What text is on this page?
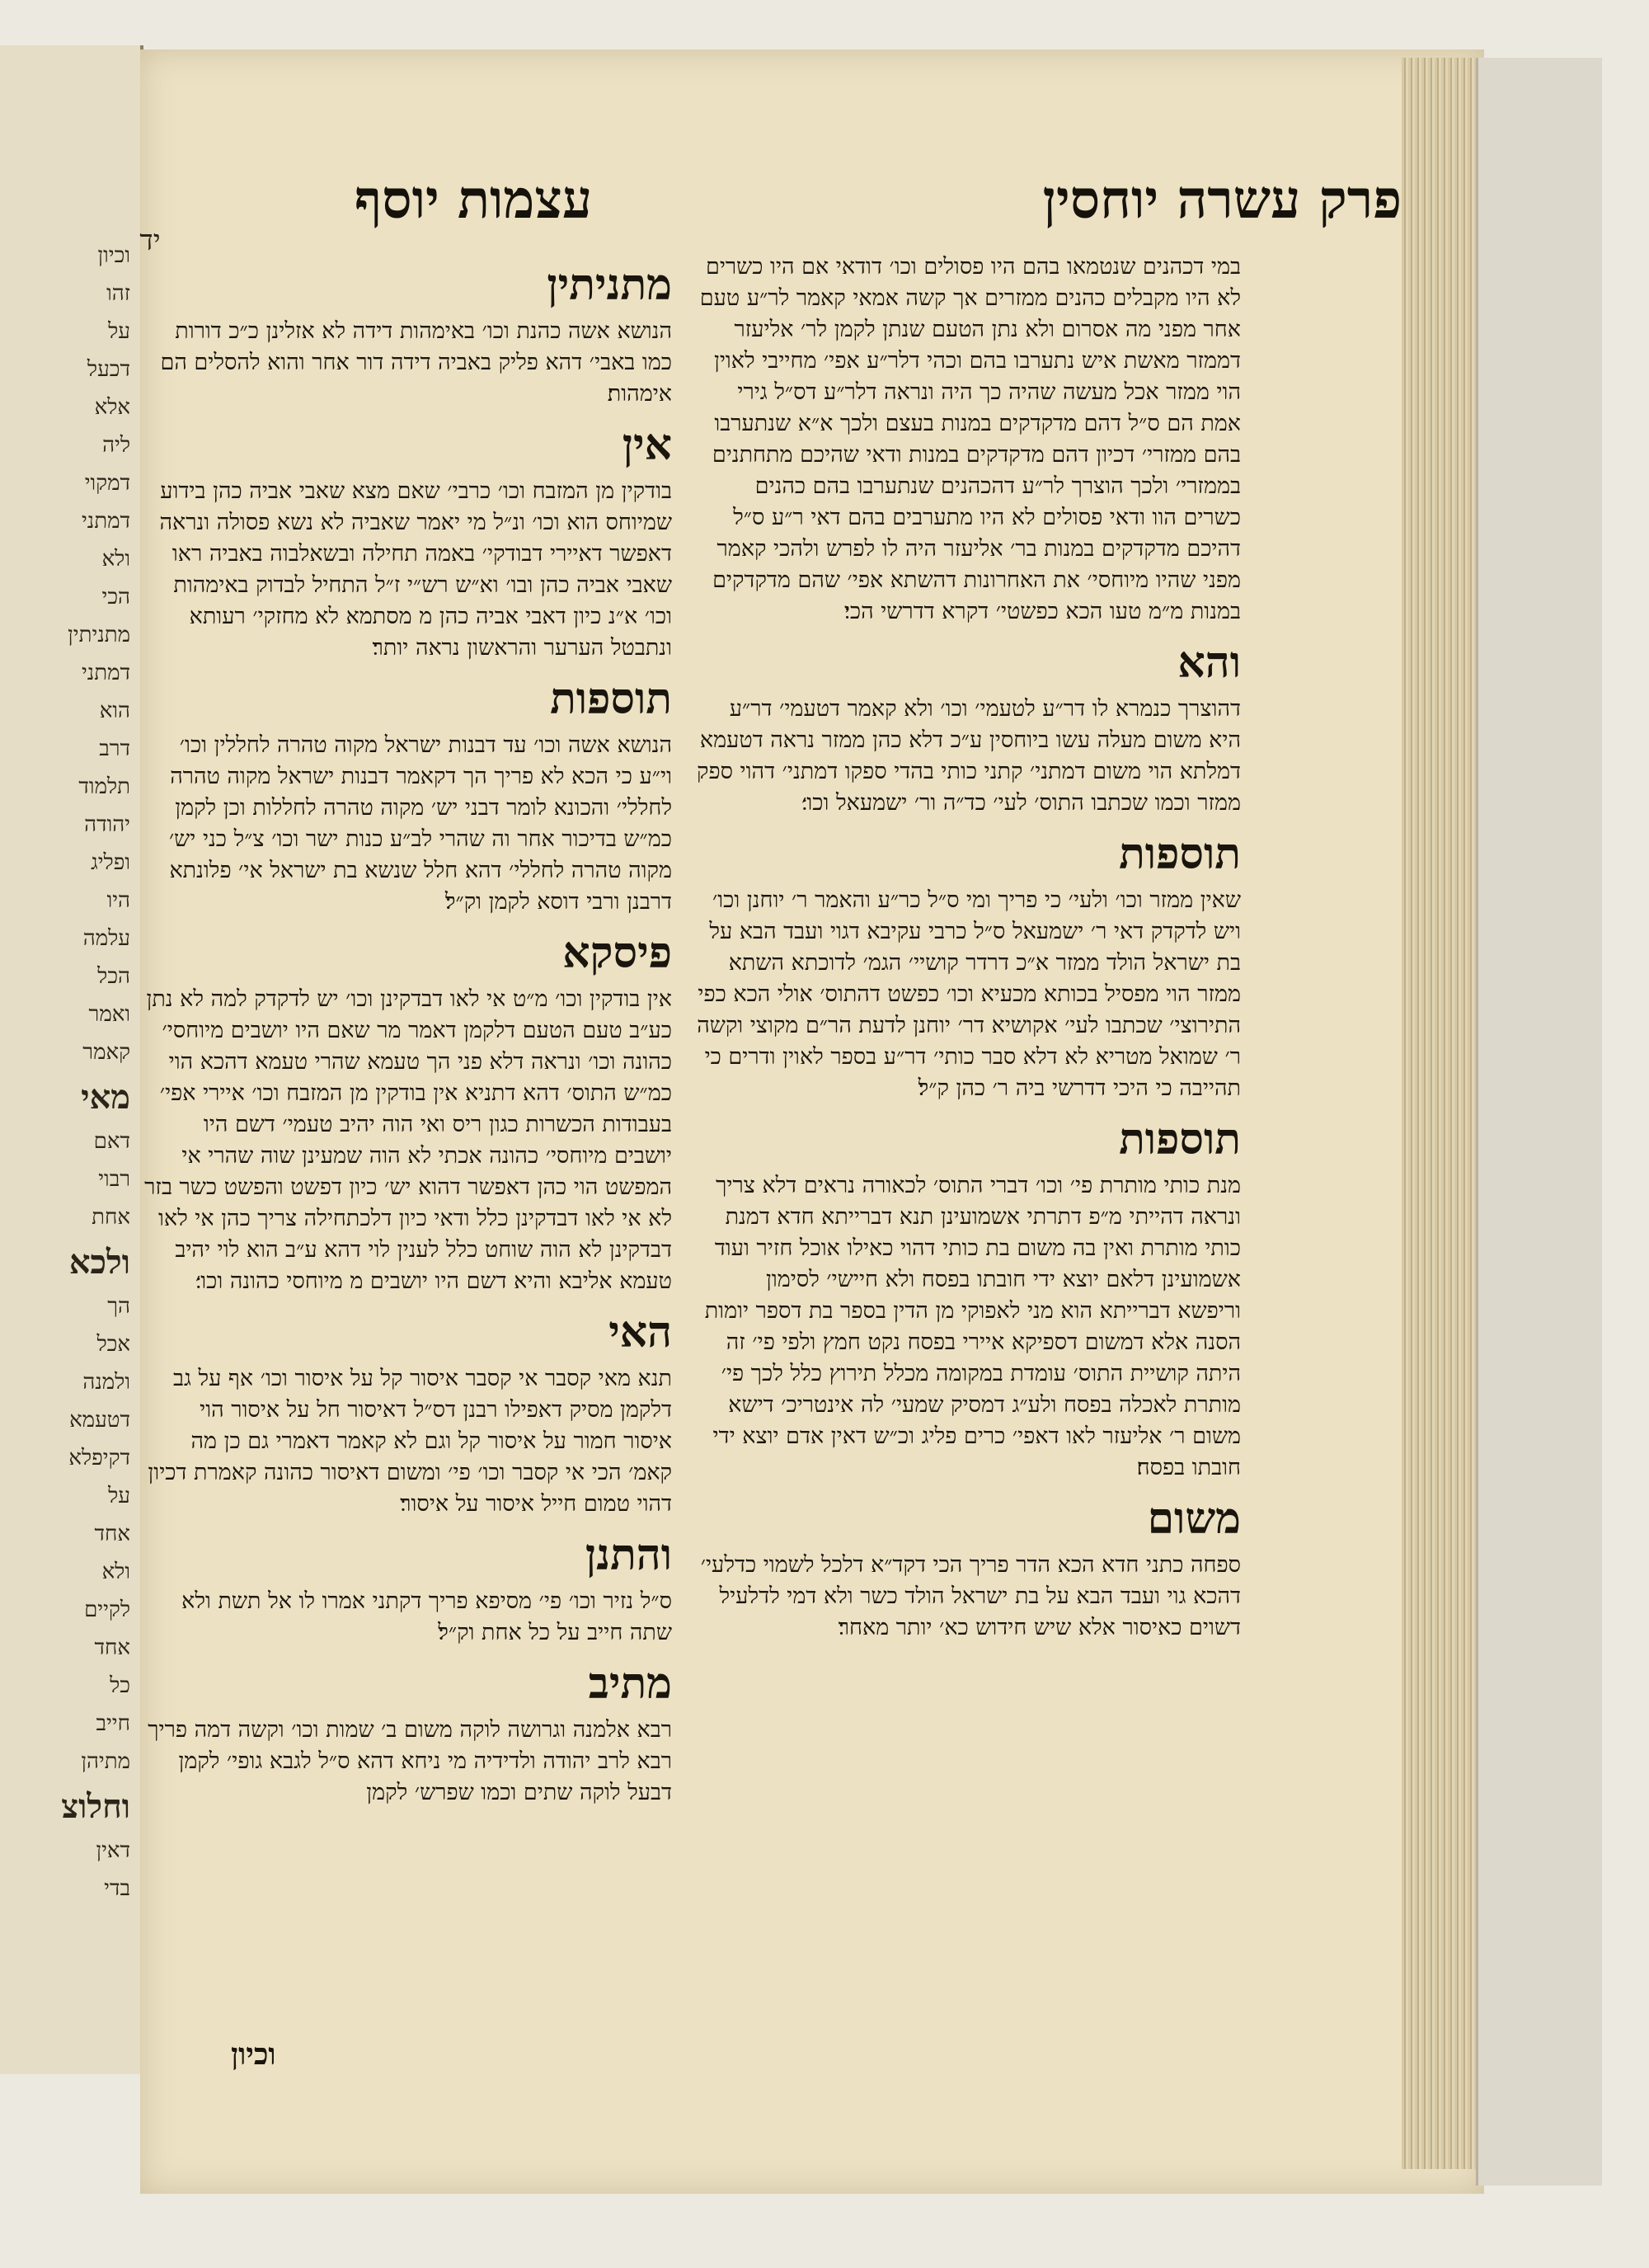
וכיון
זהו
על
דכעל
אלא
ליה
דמקוי
דמתני
ולא
הכי
מתניתין
דמתני
הוא
דרב
תלמוד
יהודה
ופליג
היו
עלמה
הכל
ואמר
קאמר
מאי
דאם
רבוי
אחת
ולכא
הך
אכל
ולמנה
דטעמא
דקיפלא
על
אחד
ולא
לקיים
אחד
כל
חייב
מתיהן
וחלוצ
דאין
בדי
יד
פרק עשרה יוחסין
עצמות יוסף
במי דכהנים שנטמאו בהם היו פסולים וכו׳ דודאי אם היו כשרים לא היו מקבלים כהנים ממזרים אך קשה אמאי קאמר לר״ע טעם אחר מפני מה אסרום ולא נתן הטעם שנתן לקמן לר׳ אליעזר דממזר מאשת איש נתערבו בהם וכהי דלר״ע אפי׳ מחייבי לאוין הוי ממזר אכל מעשה שהיה כך היה ונראה דלר״ע דס״ל גירי אמת הם ס״ל דהם מדקדקים במנות בעצם ולכך א״א שנתערבו בהם ממזרי׳ דכיון דהם מדקדקים במנות ודאי שהיכם מתחתנים בממזרי׳ ולכך הוצרך לר״ע דהכהנים שנתערבו בהם כהנים כשרים הוו ודאי פסולים לא היו מתערבים בהם דאי ר״ע ס״ל דהיכם מדקדקים במנות בר׳ אליעזר היה לו לפרש ולהכי קאמר מפני שהיו מיוחסי׳ את האחרונות דהשתא אפי׳ שהם מדקדקים במנות מ״מ טעו הכא כפשטי׳ דקרא דדרשי הכי׃
והא
דהוצרך כנמרא לו דר״ע לטעמי׳ וכו׳ ולא קאמר דטעמי׳ דר״ע היא משום מעלה עשו ביוחסין ע״כ דלא כהן ממזר נראה דטעמא דמלתא הוי משום דמתני׳ קתני כותי בהדי ספקו דמתני׳ דהוי ספק ממזר וכמו שכתבו התוס׳ לעי׳ כד״ה ור׳ ישמעאל וכו׳׃
תוספות
שאין ממזר וכו׳ ולעי׳ כי פריך ומי ס״ל כר״ע והאמר ר׳ יוחנן וכו׳ ויש לדקדק דאי ר׳ ישמעאל ס״ל כרבי עקיבא דגוי ועבד הבא על בת ישראל הולד ממזר א״כ דרדר קושיי׳ הגמ׳ לדוכתא השתא ממזר הוי מפסיל בכותא מכעיא וכו׳ כפשט דהתוס׳ אולי הכא כפי התירוצי׳ שכתבו לעי׳ אקושיא דר׳ יוחנן לדעת הר״ם מקוצי וקשה ר׳ שמואל מטריא לא דלא סבר כותי׳ דר״ע בספר לאוין ודרים כי תהייבה כי היכי דדרשי ביה ר׳ כהן ק״ל׃
תוספות
מנת כותי מותרת פי׳ וכו׳ דברי התוס׳ לכאורה נראים דלא צריך ונראה דהייתי מ״פ דתרתי אשמועינן תנא דברייתא חדא דמנת כותי מותרת ואין בה משום בת כותי דהוי כאילו אוכל חזיר ועוד אשמועינן דלאם יוצא ידי חובתו בפסח ולא חיישי׳ לסימון וריפשא דברייתא הוא מני לאפוקי מן הדין בספר בת דספר יומות הסנה אלא דמשום דספיקא איירי בפסח נקט חמץ ולפי פי׳ זה היתה קושיית התוס׳ עומדת במקומה מכלל תירוץ כלל לכך פי׳ מותרת לאכלה בפסח ולע״ג דמסיק שמעי׳ לה אינטריכ׳ דישא משום ר׳ אליעזר לאו דאפי׳ כרים פליג וכ״ש דאין אדם יוצא ידי חובתו בפסח׃
משום
ספחה כתני חדא הכא הדר פריך הכי דקד״א דלכל לשמוי כדלעי׳ דהכא גוי ועבד הבא על בת ישראל הולד כשר ולא דמי לדלעיל דשוים כאיסור אלא שיש חידוש כא׳ יותר מאחר׃
מתניתין
הנושא אשה כהנת וכו׳ באימהות דידה לא אזלינן כ״כ דורות כמו באבי׳ דהא פליק באביה דידה דור אחר והוא להסלים הם אימהות׃
אין
בודקין מן המזבח וכו׳ כרבי׳ שאם מצא שאבי אביה כהן בידוע שמיוחס הוא וכו׳ ונ״ל מי יאמר שאביה לא נשא פסולה ונראה דאפשר דאיירי דבודקי׳ באמה תחילה ובשאלבוה באביה ראו שאבי אביה כהן ובו׳ וא״ש רש״י ז״ל התחיל לבדוק באימהות וכו׳ א״נ כיון דאבי אביה כהן מ מסתמא לא מחזקי׳ רעותא ונתבטל הערער והראשון נראה יותר׃
תוספות
הנושא אשה וכו׳ עד דבנות ישראל מקוה טהרה לחללין וכו׳ וי״ע כי הכא לא פריך הך דקאמר דבנות ישראל מקוה טהרה לחללי׳ והכונא לומר דבני יש׳ מקוה טהרה לחללות וכן לקמן כמ״ש בדיכור אחר וה שהרי לב״ע כנות ישר וכו׳ צ״ל כני יש׳ מקוה טהרה לחללי׳ דהא חלל שנשא בת ישראל אי׳ פלונתא דרבנן ורבי דוסא לקמן וק״ל׃
פיסקא
אין בודקין וכו׳ מ״ט אי לאו דבדקינן וכו׳ יש לדקדק למה לא נתן כע״ב טעם הטעם דלקמן דאמר מר שאם היו יושבים מיוחסי׳ כהונה וכו׳ ונראה דלא פני הך טעמא שהרי טעמא דהכא הוי כמ״ש התוס׳ דהא דתניא אין בודקין מן המזבח וכו׳ איירי אפי׳ בעבודות הכשרות כגון ריס ואי הוה יהיב טעמי׳ דשם היו יושבים מיוחסי׳ כהונה אכתי לא הוה שמעינן שוה שהרי אי המפשט הוי כהן דאפשר דהוא יש׳ כיון דפשט והפשט כשר בזר לא אי לאו דבדקינן כלל ודאי כיון דלכתחילה צריך כהן אי לאו דבדקינן לא הוה שוחט כלל לענין לוי דהא ע״ב הוא לוי יהיב טעמא אליבא והיא דשם היו יושבים מ מיוחסי כהונה וכו׳׃
האי
תנא מאי קסבר אי קסבר איסור קל על איסור וכו׳ אף על גב דלקמן מסיק דאפילו רבנן דס״ל דאיסור חל על איסור הוי איסור חמור על איסור קל וגם לא קאמר דאמרי גם כן מה קאמ׳ הכי אי קסבר וכו׳ פי׳ ומשום דאיסור כהונה קאמרת דכיון דהוי טמום חייל איסור על איסור׃
והתנן
ס״ל נזיר וכו׳ פי׳ מסיפא פריך דקתני אמרו לו אל תשת ולא שתה חייב על כל אחת וק״ל׃
מתיב
רבא אלמנה וגרושה לוקה משום ב׳ שמות וכו׳ וקשה דמה פריך רבא לרב יהודה ולדידיה מי ניחא דהא ס״ל לגבא גופי׳ לקמן דבעל לוקה שתים וכמו שפרש׳ לקמן
וכיון
